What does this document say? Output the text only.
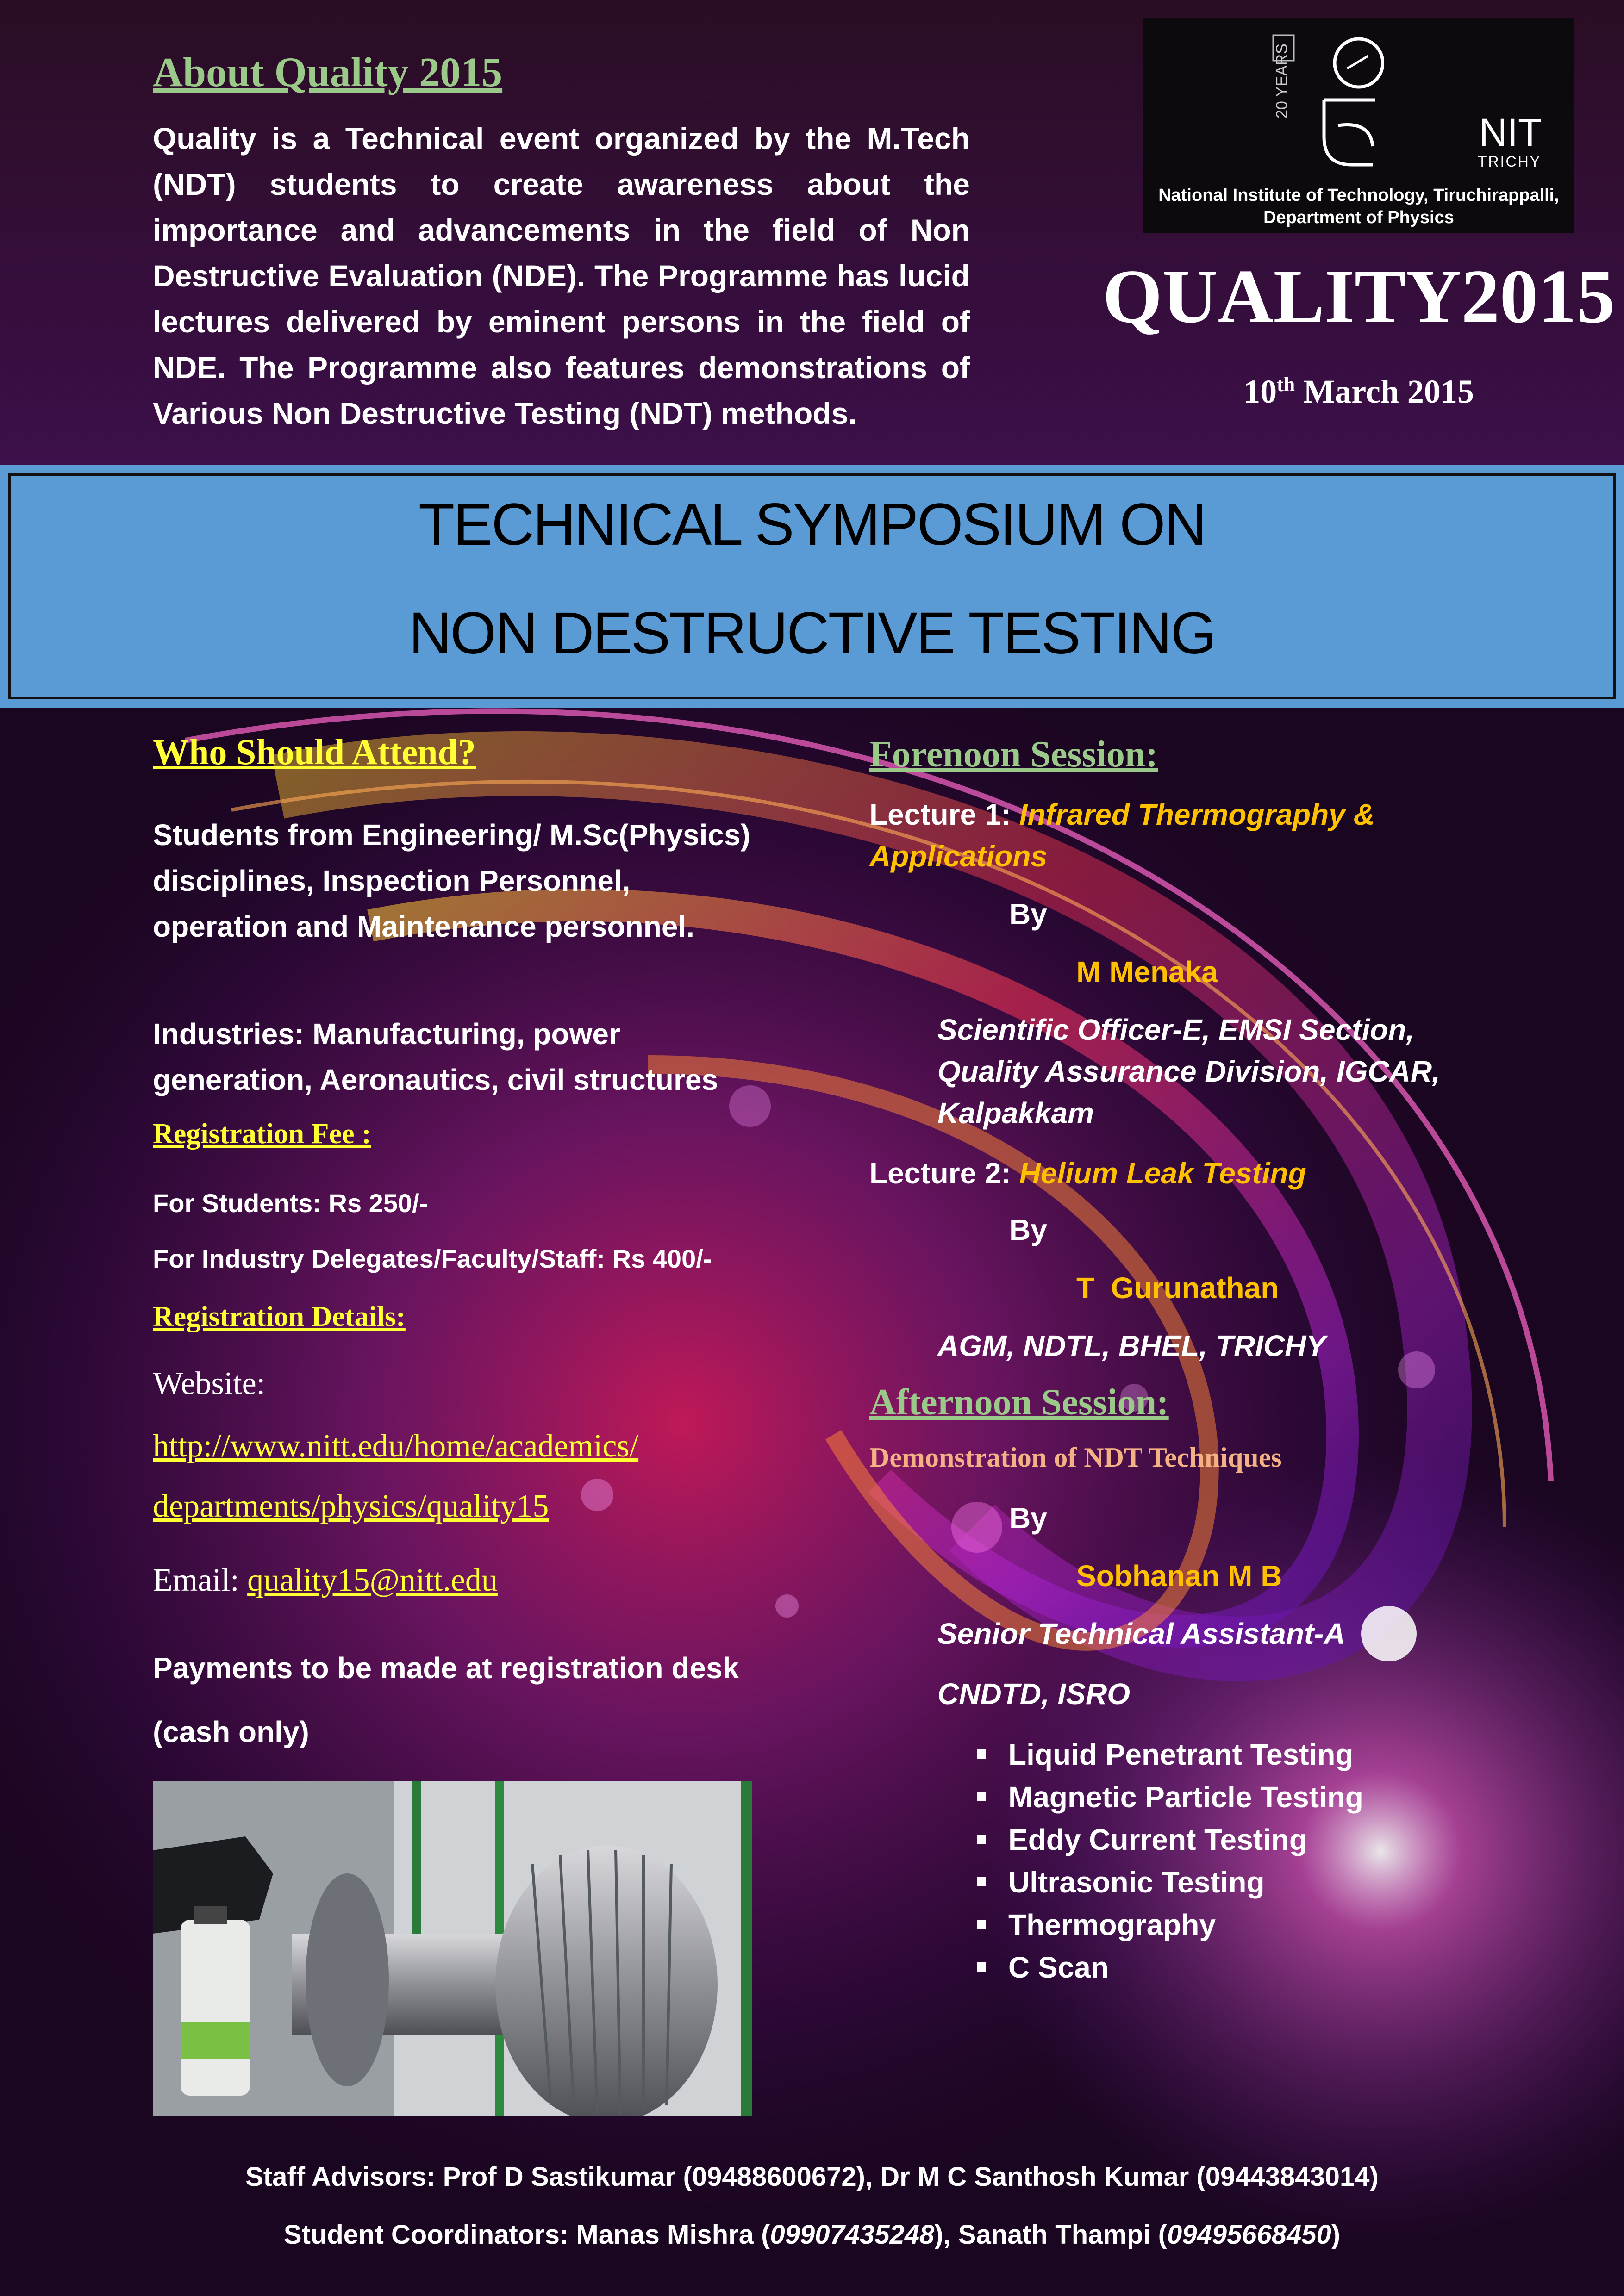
About Quality 2015
Quality is a Technical event organized by the M.Tech (NDT) students to create awareness about the importance and advancements in the field of Non Destructive Evaluation (NDE). The Programme has lucid lectures delivered by eminent persons in the field of NDE. The Programme also features demonstrations of Various Non Destructive Testing (NDT) methods.
20 YEARS
NIT
TRICHY
National Institute of Technology, Tiruchirappalli,
Department of Physics
QUALITY2015
10th March 2015
TECHNICAL SYMPOSIUM ON
NON DESTRUCTIVE TESTING
Who Should Attend?
Students from Engineering/ M.Sc(Physics) disciplines, Inspection Personnel, operation and Maintenance personnel.
Industries: Manufacturing, power generation, Aeronautics, civil structures
Registration Fee :
For Students: Rs 250/-
For Industry Delegates/Faculty/Staff: Rs 400/-
Registration Details:
Website:
http://www.nitt.edu/home/academics/
departments/physics/quality15
Email: quality15@nitt.edu
Payments to be made at registration desk (cash only)
Forenoon Session:
Lecture 1: Infrared Thermography & Applications
By
M Menaka
Scientific Officer-E, EMSI Section, Quality Assurance Division, IGCAR, Kalpakkam
Lecture 2: Helium Leak Testing
By
T  Gurunathan
AGM, NDTL, BHEL, TRICHY
Afternoon Session:
Demonstration of NDT Techniques
By
Sobhanan M B
Senior Technical Assistant-A
CNDTD, ISRO
Liquid Penetrant Testing
Magnetic Particle Testing
Eddy Current Testing
Ultrasonic Testing
Thermography
C Scan
Staff Advisors: Prof D Sastikumar (09488600672), Dr M C Santhosh Kumar (09443843014)
Student Coordinators: Manas Mishra (09907435248), Sanath Thampi (09495668450)
